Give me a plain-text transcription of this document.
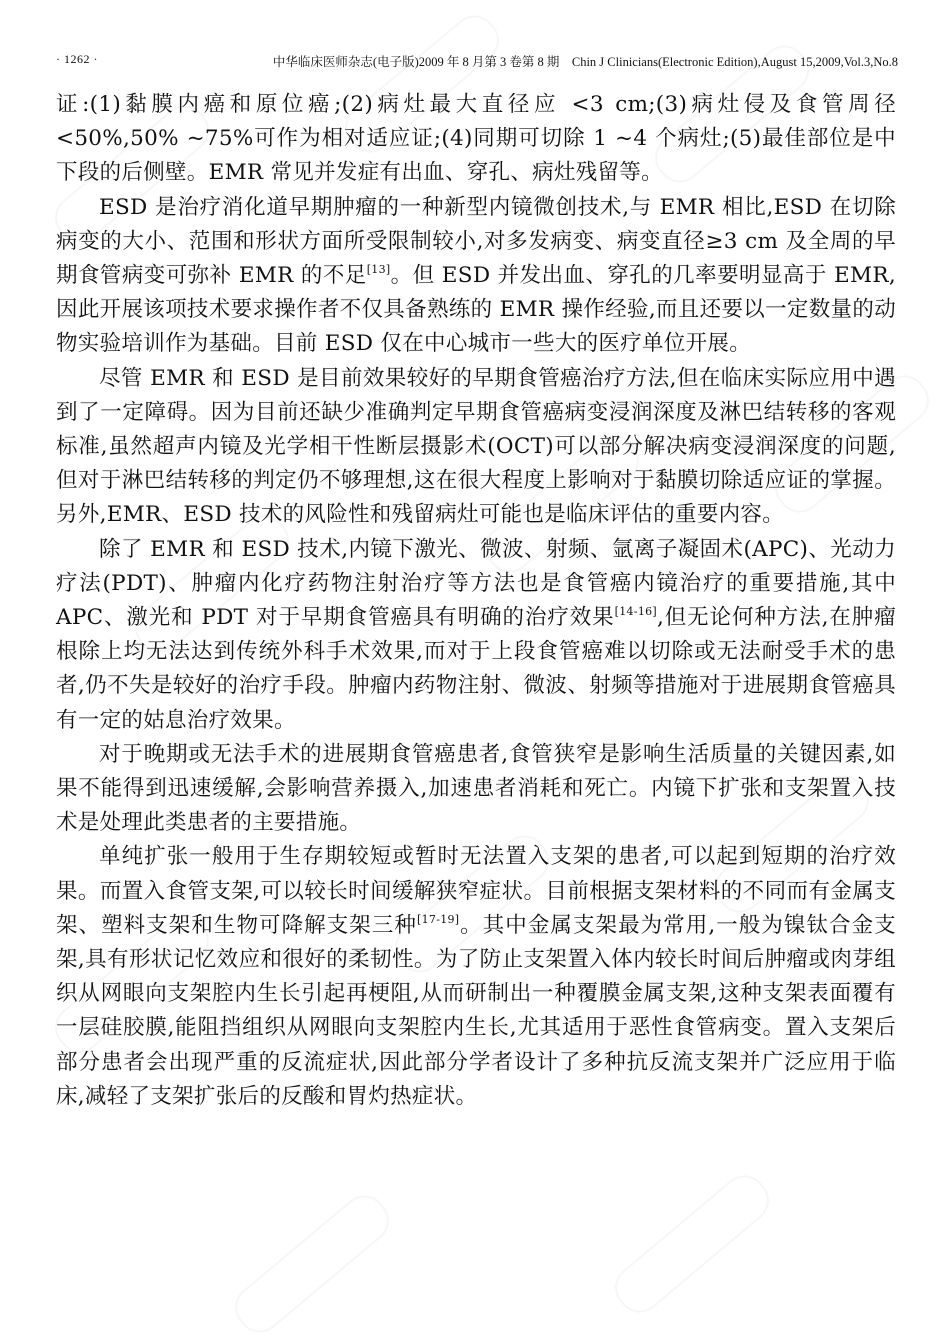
· 1262 ·	中华临床医师杂志(电子版)2009 年 8 月第 3 卷第 8 期　Chin J Clinicians(Electronic Edition),August 15,2009,Vol.3,No.8

证:(1)黏膜内癌和原位癌;(2)病灶最大直径应 <3 cm;(3)病灶侵及食管周径 <50%,50% ~75%可作为相对适应证;(4)同期可切除 1 ~4 个病灶;(5)最佳部位是中下段的后侧壁。EMR 常见并发症有出血、穿孔、病灶残留等。

ESD 是治疗消化道早期肿瘤的一种新型内镜微创技术,与 EMR 相比,ESD 在切除病变的大小、范围和形状方面所受限制较小,对多发病变、病变直径≥3 cm 及全周的早期食管病变可弥补 EMR 的不足[13]。但 ESD 并发出血、穿孔的几率要明显高于 EMR,因此开展该项技术要求操作者不仅具备熟练的 EMR 操作经验,而且还要以一定数量的动物实验培训作为基础。目前 ESD 仅在中心城市一些大的医疗单位开展。

尽管 EMR 和 ESD 是目前效果较好的早期食管癌治疗方法,但在临床实际应用中遇到了一定障碍。因为目前还缺少准确判定早期食管癌病变浸润深度及淋巴结转移的客观标准,虽然超声内镜及光学相干性断层摄影术(OCT)可以部分解决病变浸润深度的问题,但对于淋巴结转移的判定仍不够理想,这在很大程度上影响对于黏膜切除适应证的掌握。另外,EMR、ESD 技术的风险性和残留病灶可能也是临床评估的重要内容。

除了 EMR 和 ESD 技术,内镜下激光、微波、射频、氩离子凝固术(APC)、光动力疗法(PDT)、肿瘤内化疗药物注射治疗等方法也是食管癌内镜治疗的重要措施,其中 APC、激光和 PDT 对于早期食管癌具有明确的治疗效果[14-16],但无论何种方法,在肿瘤根除上均无法达到传统外科手术效果,而对于上段食管癌难以切除或无法耐受手术的患者,仍不失是较好的治疗手段。肿瘤内药物注射、微波、射频等措施对于进展期食管癌具有一定的姑息治疗效果。

对于晚期或无法手术的进展期食管癌患者,食管狭窄是影响生活质量的关键因素,如果不能得到迅速缓解,会影响营养摄入,加速患者消耗和死亡。内镜下扩张和支架置入技术是处理此类患者的主要措施。

单纯扩张一般用于生存期较短或暂时无法置入支架的患者,可以起到短期的治疗效果。而置入食管支架,可以较长时间缓解狭窄症状。目前根据支架材料的不同而有金属支架、塑料支架和生物可降解支架三种[17-19]。其中金属支架最为常用,一般为镍钛合金支架,具有形状记忆效应和很好的柔韧性。为了防止支架置入体内较长时间后肿瘤或肉芽组织从网眼向支架腔内生长引起再梗阻,从而研制出一种覆膜金属支架,这种支架表面覆有一层硅胶膜,能阻挡组织从网眼向支架腔内生长,尤其适用于恶性食管病变。置入支架后部分患者会出现严重的反流症状,因此部分学者设计了多种抗反流支架并广泛应用于临床,减轻了支架扩张后的反酸和胃灼热症状。
